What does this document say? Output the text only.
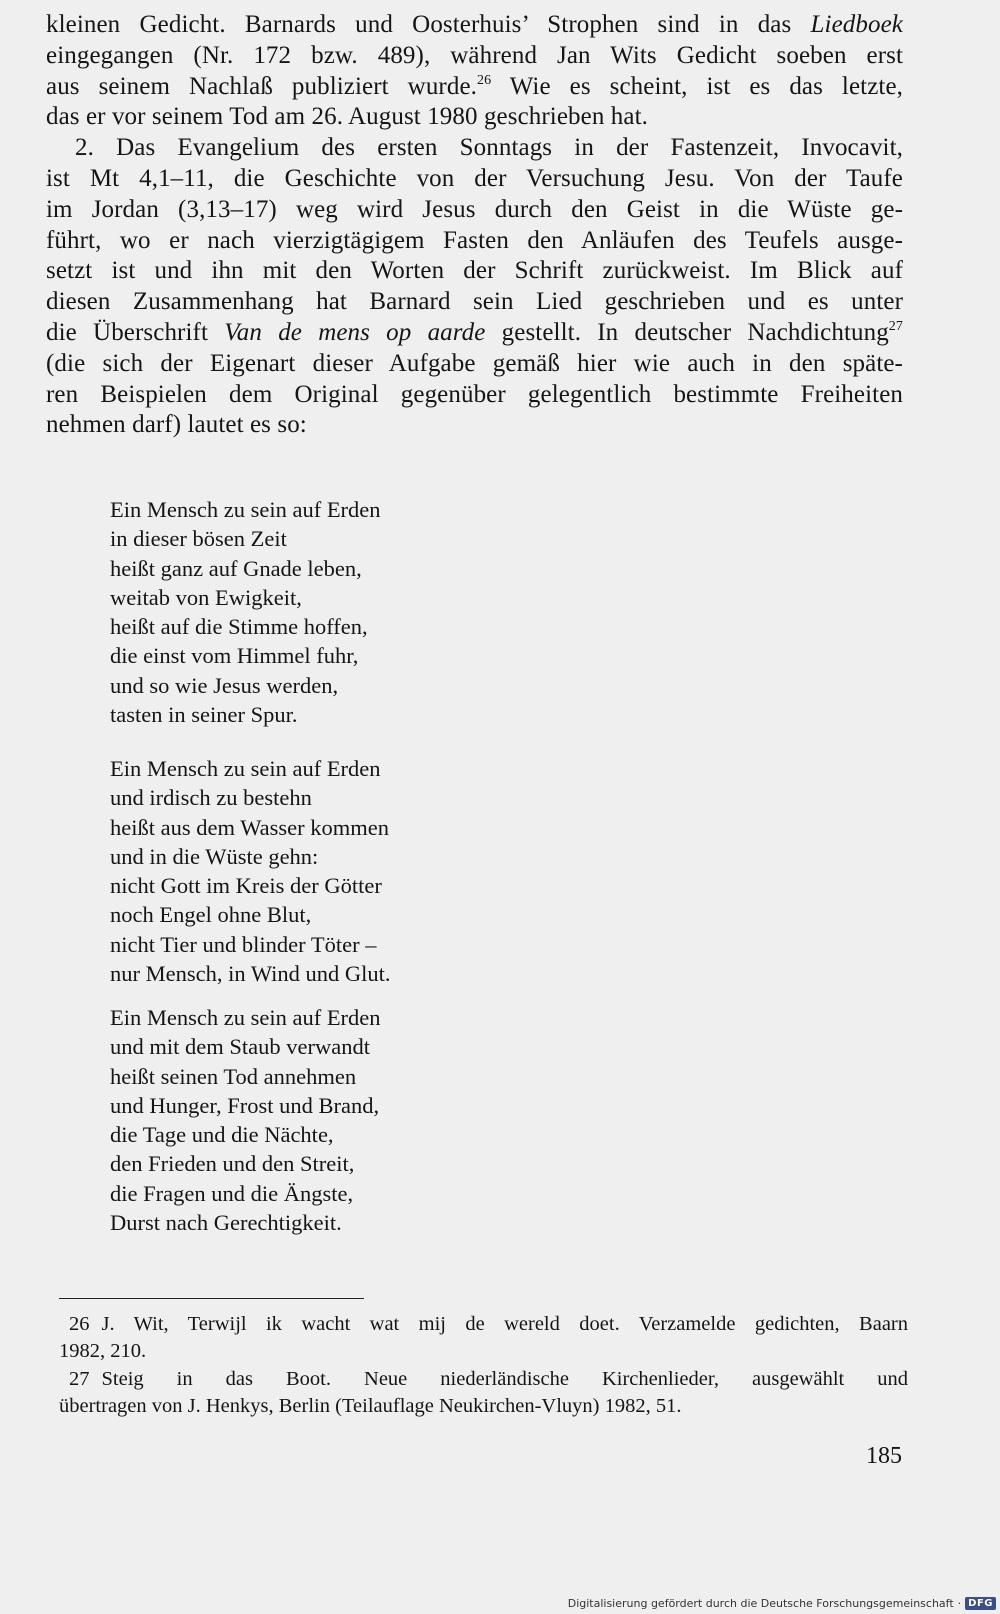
kleinen Gedicht. Barnards und Oosterhuis’ Strophen sind in das Liedboek
eingegangen (Nr. 172 bzw. 489), während Jan Wits Gedicht soeben erst
aus seinem Nachlaß publiziert wurde.$^{26}$ Wie es scheint, ist es das letzte,
das er vor seinem Tod am 26. August 1980 geschrieben hat.

2. Das Evangelium des ersten Sonntags in der Fastenzeit, Invocavit,
ist Mt 4,1–11, die Geschichte von der Versuchung Jesu. Von der Taufe
im Jordan (3,13–17) weg wird Jesus durch den Geist in die Wüste ge-
führt, wo er nach vierzigtägigem Fasten den Anläufen des Teufels ausge-
setzt ist und ihn mit den Worten der Schrift zurückweist. Im Blick auf
diesen Zusammenhang hat Barnard sein Lied geschrieben und es unter
die Überschrift Van de mens op aarde gestellt. In deutscher Nachdichtung$^{27}$
(die sich der Eigenart dieser Aufgabe gemäß hier wie auch in den späte-
ren Beispielen dem Original gegenüber gelegentlich bestimmte Freiheiten
nehmen darf) lautet es so:

Ein Mensch zu sein auf Erden
in dieser bösen Zeit
heißt ganz auf Gnade leben,
weitab von Ewigkeit,
heißt auf die Stimme hoffen,
die einst vom Himmel fuhr,
und so wie Jesus werden,
tasten in seiner Spur.
Ein Mensch zu sein auf Erden
und irdisch zu bestehn
heißt aus dem Wasser kommen
und in die Wüste gehn:
nicht Gott im Kreis der Götter
noch Engel ohne Blut,
nicht Tier und blinder Töter –
nur Mensch, in Wind und Glut.
Ein Mensch zu sein auf Erden
und mit dem Staub verwandt
heißt seinen Tod annehmen
und Hunger, Frost und Brand,
die Tage und die Nächte,
den Frieden und den Streit,
die Fragen und die Ängste,
Durst nach Gerechtigkeit.
26 J. Wit, Terwijl ik wacht wat mij de wereld doet. Verzamelde gedichten, Baarn
1982, 210.
27 Steig in das Boot. Neue niederländische Kirchenlieder, ausgewählt und
übertragen von J. Henkys, Berlin (Teilauflage Neukirchen-Vluyn) 1982, 51.
185
Digitalisierung gefördert durch die Deutsche Forschungsgemeinschaft · DFG
